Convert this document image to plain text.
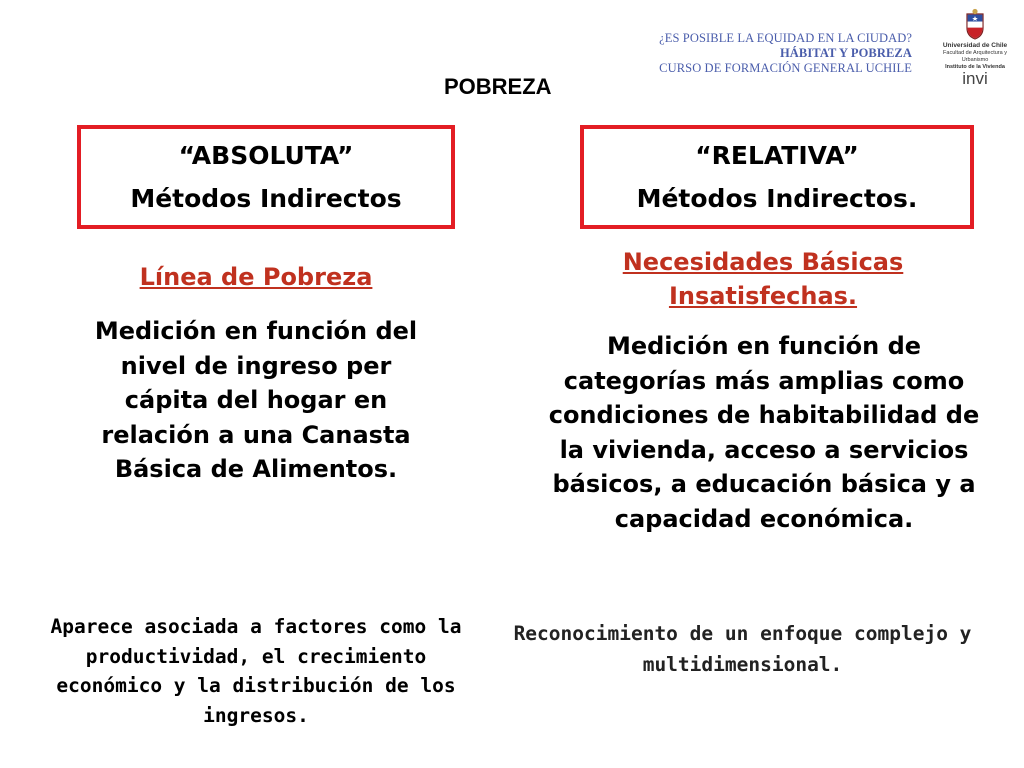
¿ES POSIBLE LA EQUIDAD EN LA CIUDAD?
HÁBITAT Y POBREZA
CURSO DE FORMACIÓN GENERAL UCHILE
Universidad de Chile
Facultad de Arquitectura y Urbanismo
Instituto de la Vivienda
invi
POBREZA
“ABSOLUTA”
Métodos Indirectos
“RELATIVA”
Métodos Indirectos.
Línea de Pobreza
Medición en función del nivel de ingreso per cápita del hogar en relación a una Canasta Básica de Alimentos.
Necesidades Básicas Insatisfechas.
Medición en función de categorías más amplias como condiciones de habitabilidad de la vivienda, acceso a servicios básicos, a educación básica y a capacidad económica.
Aparece asociada a factores como la productividad, el crecimiento económico y la distribución de los ingresos.
Reconocimiento de un enfoque complejo y multidimensional.
